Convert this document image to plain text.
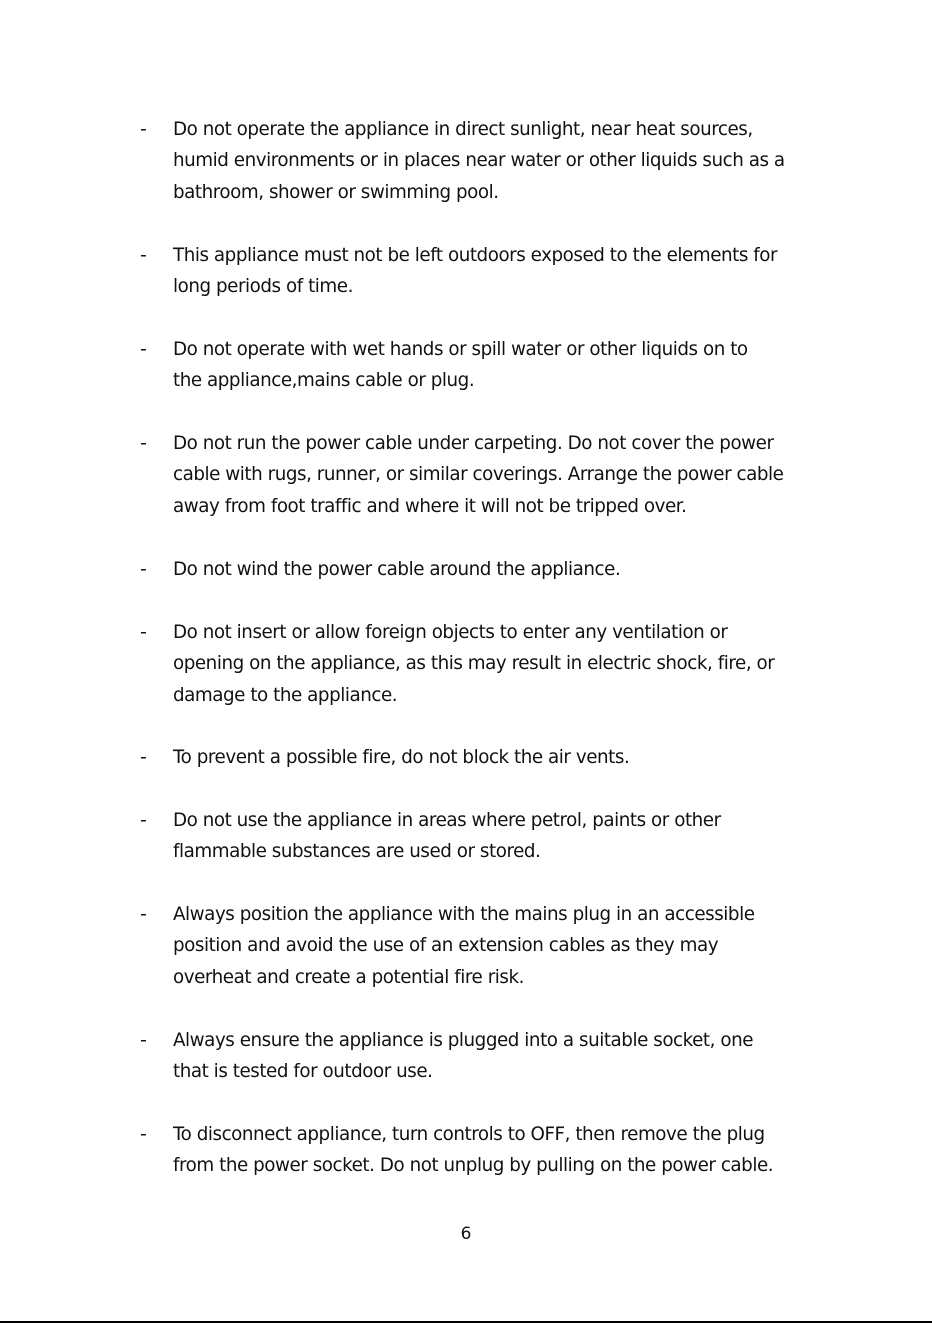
-	Do not operate the appliance in direct sunlight, near heat sources,
humid environments or in places near water or other liquids such as a
bathroom, shower or swimming pool.
-	This appliance must not be left outdoors exposed to the elements for
long periods of time.
-	Do not operate with wet hands or spill water or other liquids on to
the appliance,mains cable or plug.
-	Do not run the power cable under carpeting. Do not cover the power
cable with rugs, runner, or similar coverings. Arrange the power cable
away from foot traffic and where it will not be tripped over.
-	Do not wind the power cable around the appliance.
-	Do not insert or allow foreign objects to enter any ventilation or
opening on the appliance, as this may result in electric shock, fire, or
damage to the appliance.
-	To prevent a possible fire, do not block the air vents.
-	Do not use the appliance in areas where petrol, paints or other
flammable substances are used or stored.
-	Always position the appliance with the mains plug in an accessible
position and avoid the use of an extension cables as they may
overheat and create a potential fire risk.
-	Always ensure the appliance is plugged into a suitable socket, one
that is tested for outdoor use.
-	To disconnect appliance, turn controls to OFF, then remove the plug
from the power socket. Do not unplug by pulling on the power cable.
6
